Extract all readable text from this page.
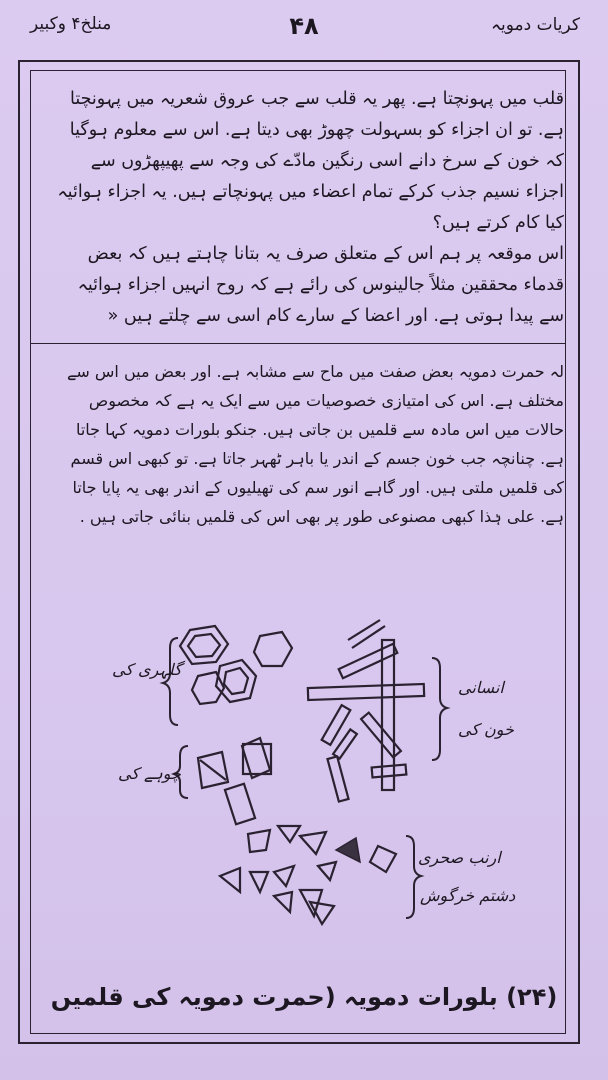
کریات دمویہ
۴۸
منلخ۴ وکبیر

قلب میں پہونچتا ہے. پھر یہ قلب سے جب عروق شعریہ میں پہونچتا ہے. تو ان اجزاء کو بسہولت چھوڑ بھی دیتا ہے. اس سے معلوم ہوگیا کہ خون کے سرخ دانے اسی رنگین مادّے کی وجہ سے پھیپھڑوں سے اجزاء نسیم جذب کرکے تمام اعضاء میں پہونچاتے ہیں. یہ اجزاء ہوائیہ کیا کام کرتے ہیں؟

اس موقعہ پر ہم اس کے متعلق صرف یہ بتانا چاہتے ہیں کہ بعض قدماء محققین مثلاً جالینوس کی رائے ہے کہ روح انہیں اجزاء ہوائیہ سے پیدا ہوتی ہے. اور اعضا کے سارے کام اسی سے چلتے ہیں «

لہ حمرت دمویہ بعض صفت میں ماح سے مشابہ ہے. اور بعض میں اس سے مختلف ہے. اس کی امتیازی خصوصیات میں سے ایک یہ ہے کہ مخصوص حالات میں اس مادہ سے قلمیں بن جاتی ہیں. جنکو بلورات دمویہ کہا جاتا ہے. چنانچہ جب خون جسم کے اندر یا باہر ٹھہر جاتا ہے. تو کبھی اس قسم کی قلمیں ملتی ہیں. اور گاہے انور سم کی تھیلیوں کے اندر بھی یہ پایا جاتا ہے. علی ہٰذا کبھی مصنوعی طور پر بھی اس کی قلمیں بنائی جاتی ہیں .

گلہری کی
انسانی
خون کی
چوہے کی
ارنب صحری
دشتم خرگوش
(۲۴) بلورات دمویہ (حمرت دمویہ کی قلمیں
